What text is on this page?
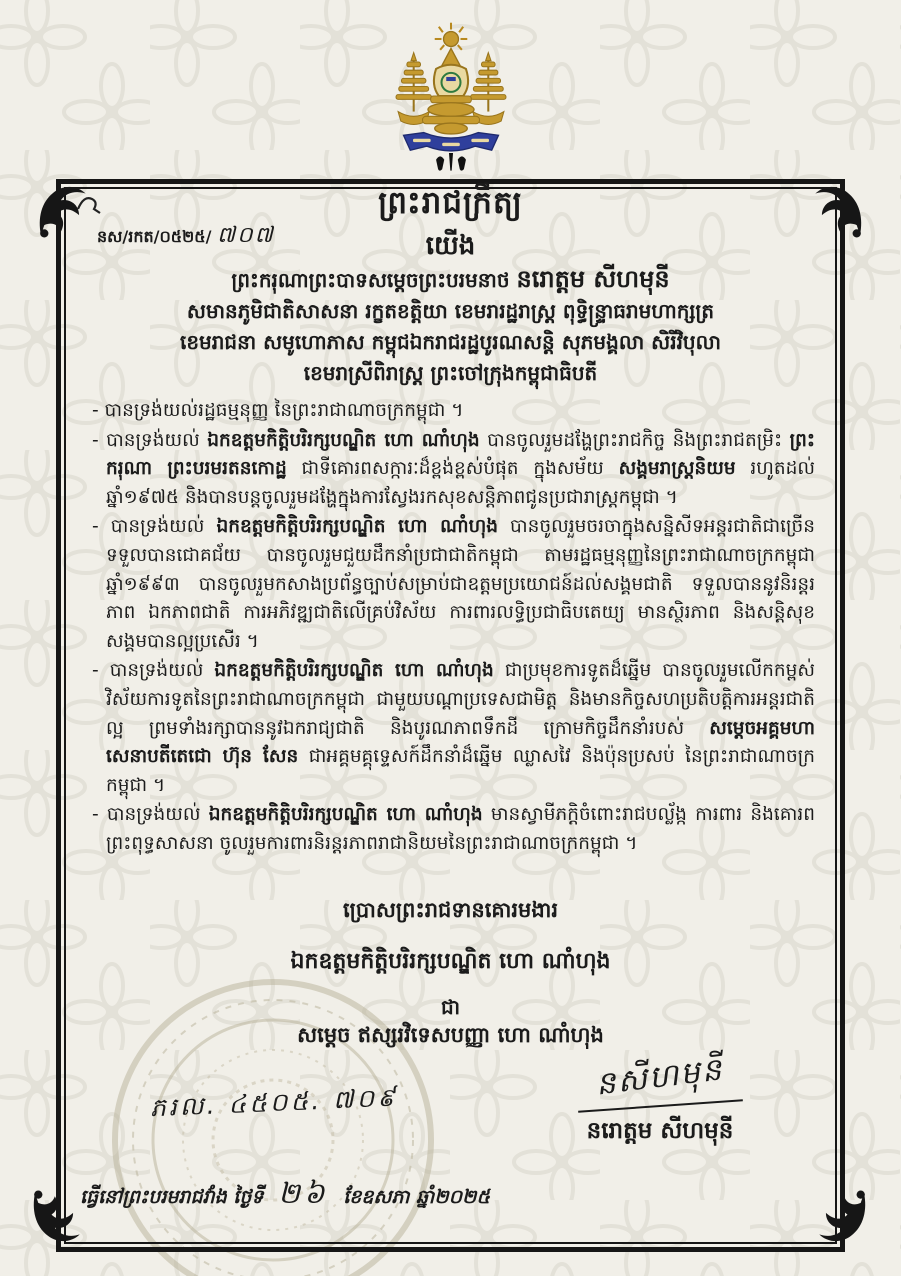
ព្រះរាជក្រឹត្យ
យើង
នស/រកត/០៥២៥/ ៧០៧
ព្រះករុណាព្រះបាទសម្តេចព្រះបរមនាថ នរោត្តម សីហមុនី
សមានភូមិជាតិសាសនា រក្ខតខត្តិយា ខេមរារដ្ឋរាស្ត្រ ពុទ្ធិន្ទ្រាធរាមហាក្សត្រ
ខេមរាជនា សមូហោភាស កម្ពុជឯករាជរដ្ឋបូរណសន្តិ សុភមង្គលា សិរីវិបុលា
ខេមរាស្រីពិរាស្ត្រ ព្រះចៅក្រុងកម្ពុជាធិបតី

- បានទ្រង់យល់រដ្ឋធម្មនុញ្ញ នៃព្រះរាជាណាចក្រកម្ពុជា ។

- បានទ្រង់យល់ ឯកឧត្តមកិត្តិបរិរក្សបណ្ឌិត ហោ ណាំហុង បានចូលរួមដង្ហែព្រះរាជកិច្ច និងព្រះរាជតម្រិះ ព្រះករុណា ព្រះបរមរតនកោដ្ឋ ជាទីគោរពសក្ការៈដ៏ខ្ពង់ខ្ពស់បំផុត ក្នុងសម័យ សង្គមរាស្ត្រនិយម រហូតដល់ឆ្នាំ១៩៧៥ និងបានបន្តចូលរួមដង្ហែក្នុងការស្វែងរកសុខសន្តិភាពជូនប្រជារាស្ត្រកម្ពុជា ។

- បានទ្រង់យល់ ឯកឧត្តមកិត្តិបរិរក្សបណ្ឌិត ហោ ណាំហុង បានចូលរួមចរចាក្នុងសន្និសីទអន្តរជាតិជាច្រើនទទួលបានជោគជ័យ បានចូលរួមជួយដឹកនាំប្រជាជាតិកម្ពុជា តាមរដ្ឋធម្មនុញ្ញនៃព្រះរាជាណាចក្រកម្ពុជា ឆ្នាំ១៩៩៣ បានចូលរួមកសាងប្រព័ន្ធច្បាប់សម្រាប់ជាឧត្តមប្រយោជន៍ដល់សង្គមជាតិ ទទួលបាននូវនិរន្តរភាព ឯកភាពជាតិ ការអភិវឌ្ឍជាតិលើគ្រប់វិស័យ ការពារលទ្ធិប្រជាធិបតេយ្យ មានស្ថិរភាព និងសន្តិសុខសង្គមបានល្អប្រសើរ ។

- បានទ្រង់យល់ ឯកឧត្តមកិត្តិបរិរក្សបណ្ឌិត ហោ ណាំហុង ជាប្រមុខការទូតដ៏ឆ្នើម បានចូលរួមលើកកម្ពស់វិស័យការទូតនៃព្រះរាជាណាចក្រកម្ពុជា ជាមួយបណ្តាប្រទេសជាមិត្ត និងមានកិច្ចសហប្រតិបត្តិការអន្តរជាតិល្អ ព្រមទាំងរក្សាបាននូវឯករាជ្យជាតិ និងបូរណភាពទឹកដី ក្រោមកិច្ចដឹកនាំរបស់ សម្តេចអគ្គមហាសេនាបតីតេជោ ហ៊ុន សែន ជាអគ្គមគ្គុទ្ទេសក៍ដឹកនាំដ៏ឆ្នើម ឈ្លាសវៃ និងប៉ុនប្រសប់ នៃព្រះរាជាណាចក្រកម្ពុជា ។

- បានទ្រង់យល់ ឯកឧត្តមកិត្តិបរិរក្សបណ្ឌិត ហោ ណាំហុង មានស្វាមីភក្តិចំពោះរាជបល្ល័ង្ក ការពារ និងគោរពព្រះពុទ្ធសាសនា ចូលរួមការពារនិរន្តរភាពរាជានិយមនៃព្រះរាជាណាចក្រកម្ពុជា ។

ប្រោសព្រះរាជទានគោរមងារ
ឯកឧត្តមកិត្តិបរិរក្សបណ្ឌិត ហោ ណាំហុង
ជា
សម្តេច ឥស្សរវិទេសបញ្ញា ហោ ណាំហុង
ភរល. ៤៥០៥. ៧០៩	នសីហមុនី
នរោត្តម សីហមុនី
ធ្វើនៅព្រះបរមរាជវាំង ថ្ងៃទី ២៦ ខែឧសភា ឆ្នាំ២០២៥
